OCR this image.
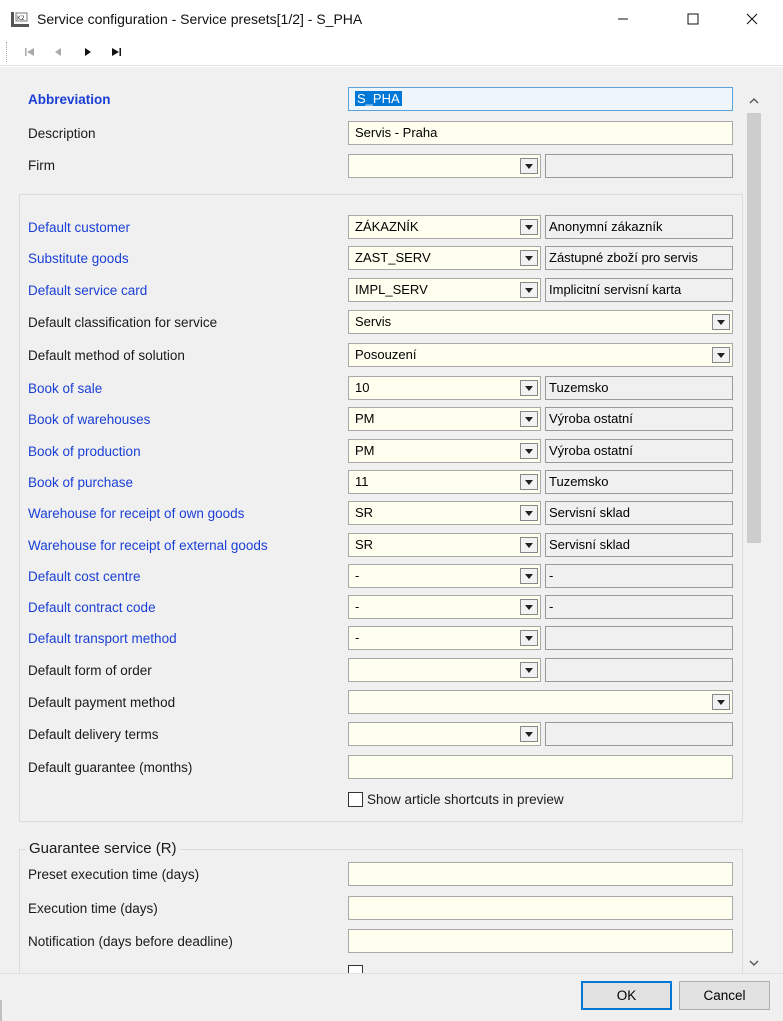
K2 Service configuration - Service presets[1/2] - S_PHA
Abbreviation	S_PHA
Description	Servis - Praha
Firm
Default customer	ZÁKAZNÍK	Anonymní zákazník
Substitute goods	ZAST_SERV	Zástupné zboží pro servis
Default service card	IMPL_SERV	Implicitní servisní karta
Default classification for service	Servis
Default method of solution	Posouzení
Book of sale	10	Tuzemsko
Book of warehouses	PM	Výroba ostatní
Book of production	PM	Výroba ostatní
Book of purchase	11	Tuzemsko
Warehouse for receipt of own goods	SR	Servisní sklad
Warehouse for receipt of external goods	SR	Servisní sklad
Default cost centre	-	-
Default contract code	-	-
Default transport method	-
Default form of order
Default payment method
Default delivery terms
Default guarantee (months)
Show article shortcuts in preview
Guarantee service (R)
Preset execution time (days)
Execution time (days)
Notification (days before deadline)
OK	Cancel
